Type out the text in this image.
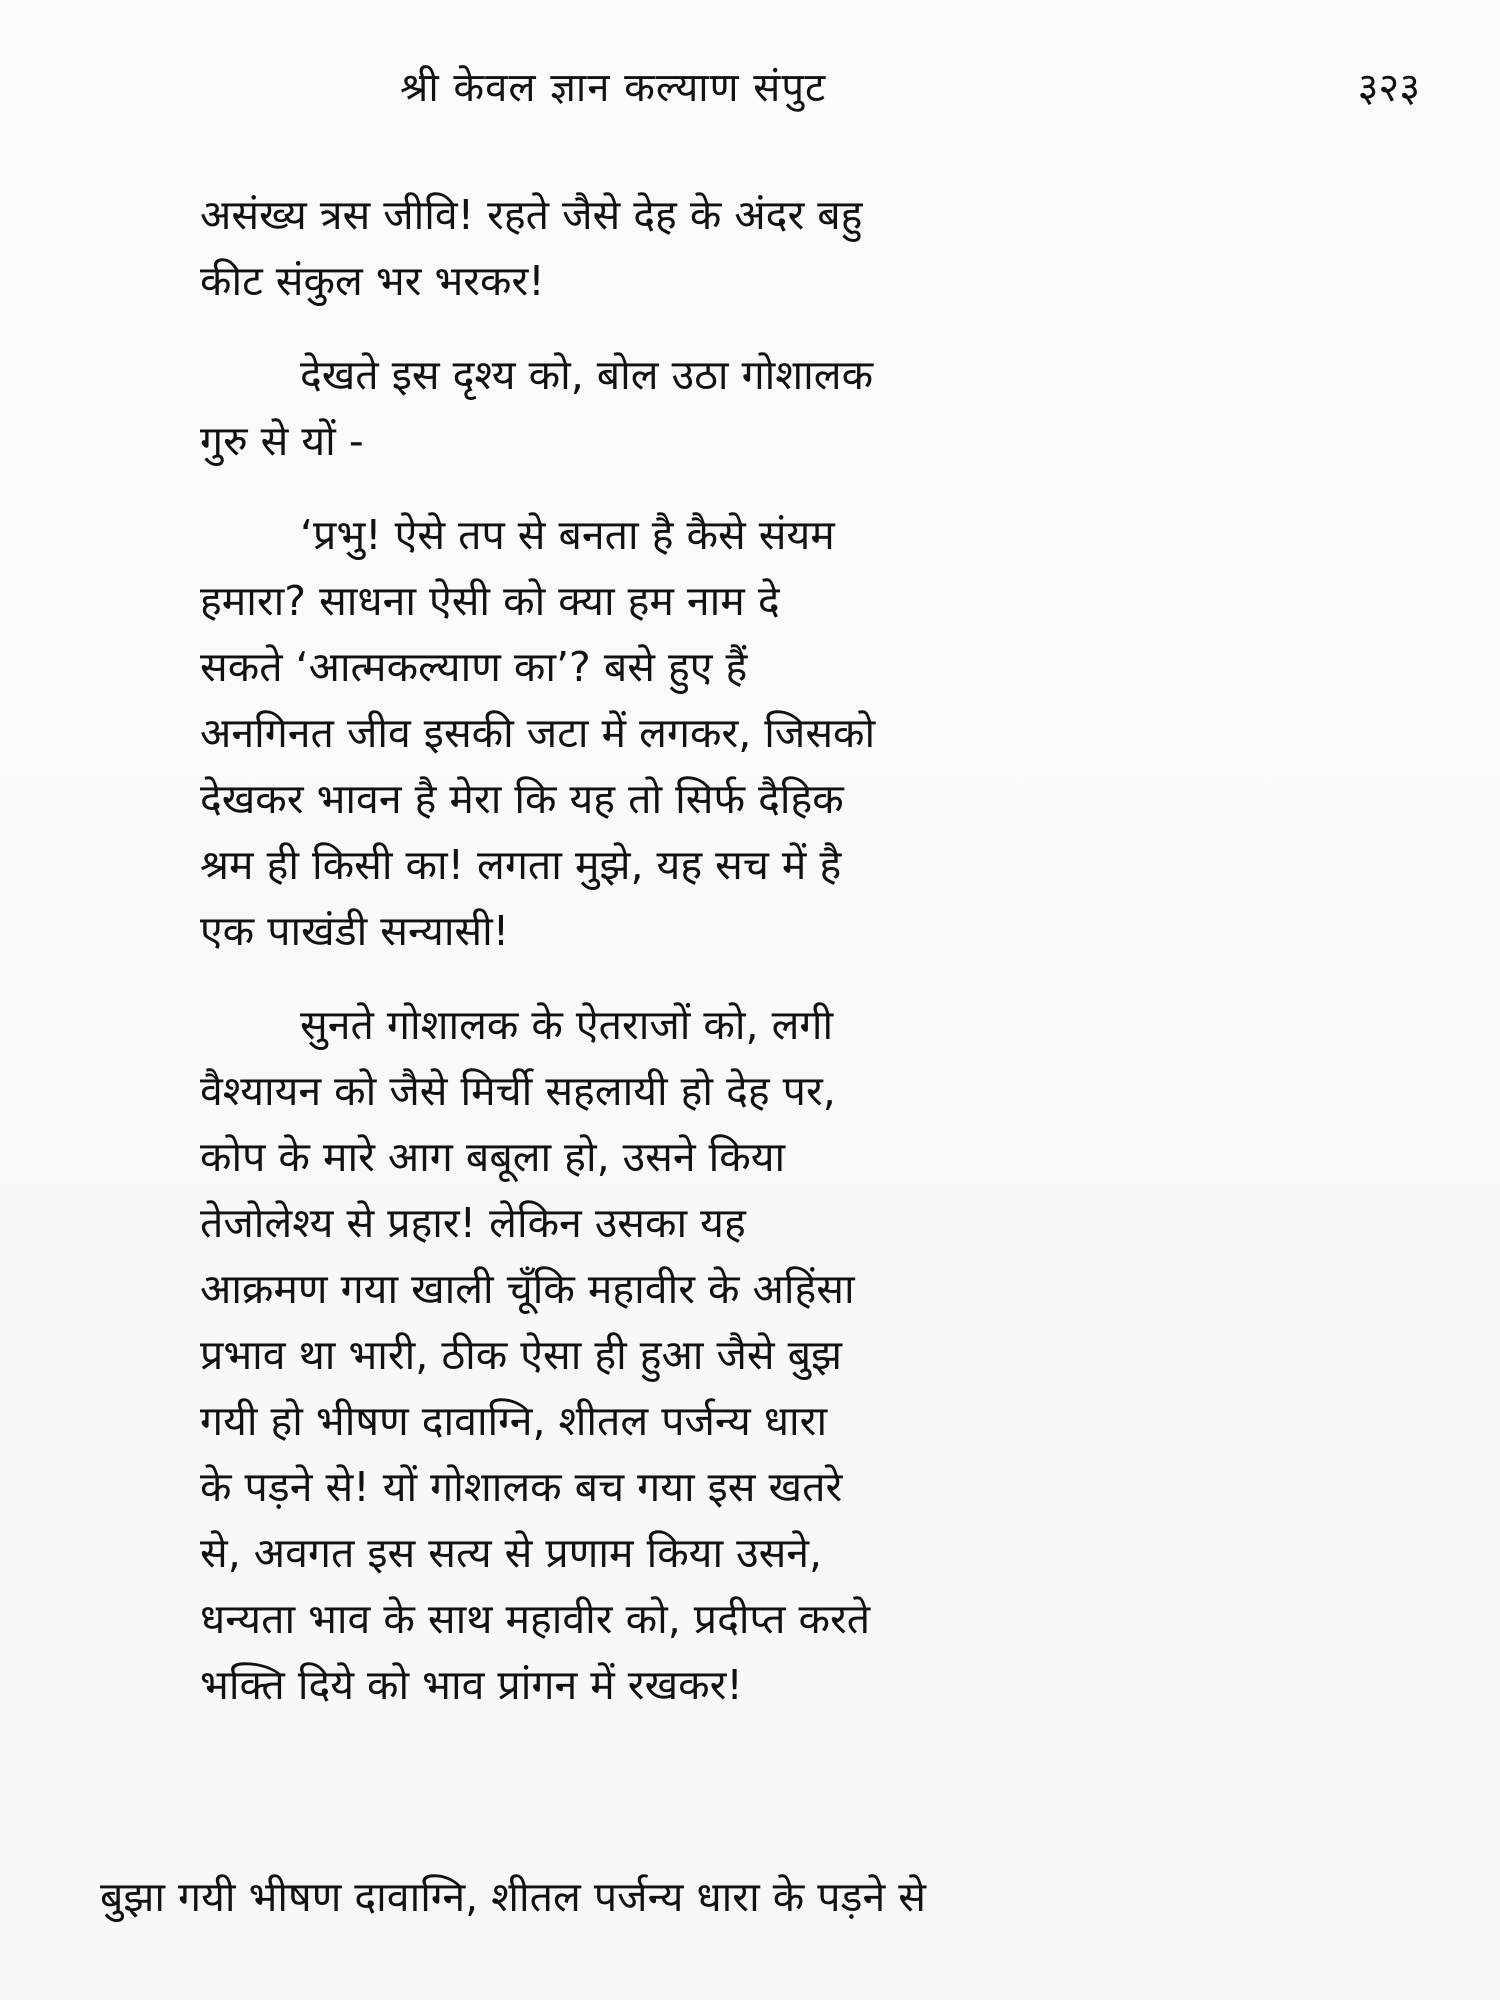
श्री केवल ज्ञान कल्याण संपुट	३२३

असंख्य त्रस जीवि! रहते जैसे देह के अंदर बहु
कीट संकुल भर भरकर!

देखते इस दृश्य को, बोल उठा गोशालक
गुरु से यों -

‘प्रभु! ऐसे तप से बनता है कैसे संयम
हमारा? साधना ऐसी को क्या हम नाम दे
सकते ‘आत्मकल्याण का’? बसे हुए हैं
अनगिनत जीव इसकी जटा में लगकर, जिसको
देखकर भावन है मेरा कि यह तो सिर्फ दैहिक
श्रम ही किसी का! लगता मुझे, यह सच में है
एक पाखंडी सन्यासी!

सुनते गोशालक के ऐतराजों को, लगी
वैश्यायन को जैसे मिर्ची सहलायी हो देह पर,
कोप के मारे आग बबूला हो, उसने किया
तेजोलेश्य से प्रहार! लेकिन उसका यह
आक्रमण गया खाली चूँकि महावीर के अहिंसा
प्रभाव था भारी, ठीक ऐसा ही हुआ जैसे बुझ
गयी हो भीषण दावाग्नि, शीतल पर्जन्य धारा
के पड़ने से! यों गोशालक बच गया इस खतरे
से, अवगत इस सत्य से प्रणाम किया उसने,
धन्यता भाव के साथ महावीर को, प्रदीप्त करते
भक्ति दिये को भाव प्रांगन में रखकर!

बुझा गयी भीषण दावाग्नि, शीतल पर्जन्य धारा के पड़ने से
